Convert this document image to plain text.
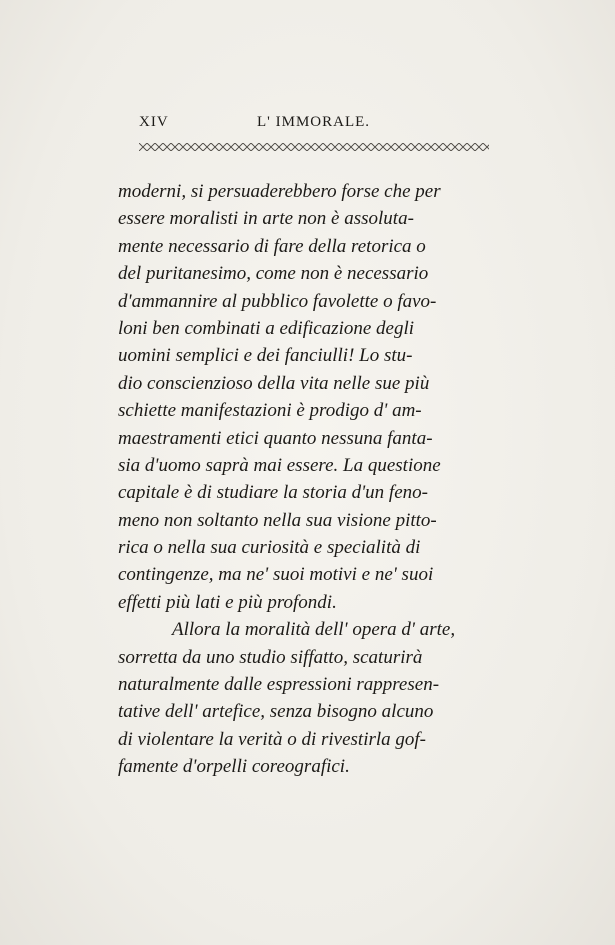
XIV	L' IMMORALE.
moderni, si persuaderebbero forse che per
essere moralisti in arte non è assoluta-
mente necessario di fare della retorica o
del puritanesimo, come non è necessario
d'ammannire al pubblico favolette o favo-
loni ben combinati a edificazione degli
uomini semplici e dei fanciulli! Lo stu-
dio conscienzioso della vita nelle sue più
schiette manifestazioni è prodigo d' am-
maestramenti etici quanto nessuna fanta-
sia d'uomo saprà mai essere. La questione
capitale è di studiare la storia d'un feno-
meno non soltanto nella sua visione pitto-
rica o nella sua curiosità e specialità di
contingenze, ma ne' suoi motivi e ne' suoi
effetti più lati e più profondi.
Allora la moralità dell' opera d' arte,
sorretta da uno studio siffatto, scaturirà
naturalmente dalle espressioni rappresen-
tative dell' artefice, senza bisogno alcuno
di violentare la verità o di rivestirla gof-
famente d'orpelli coreografici.
